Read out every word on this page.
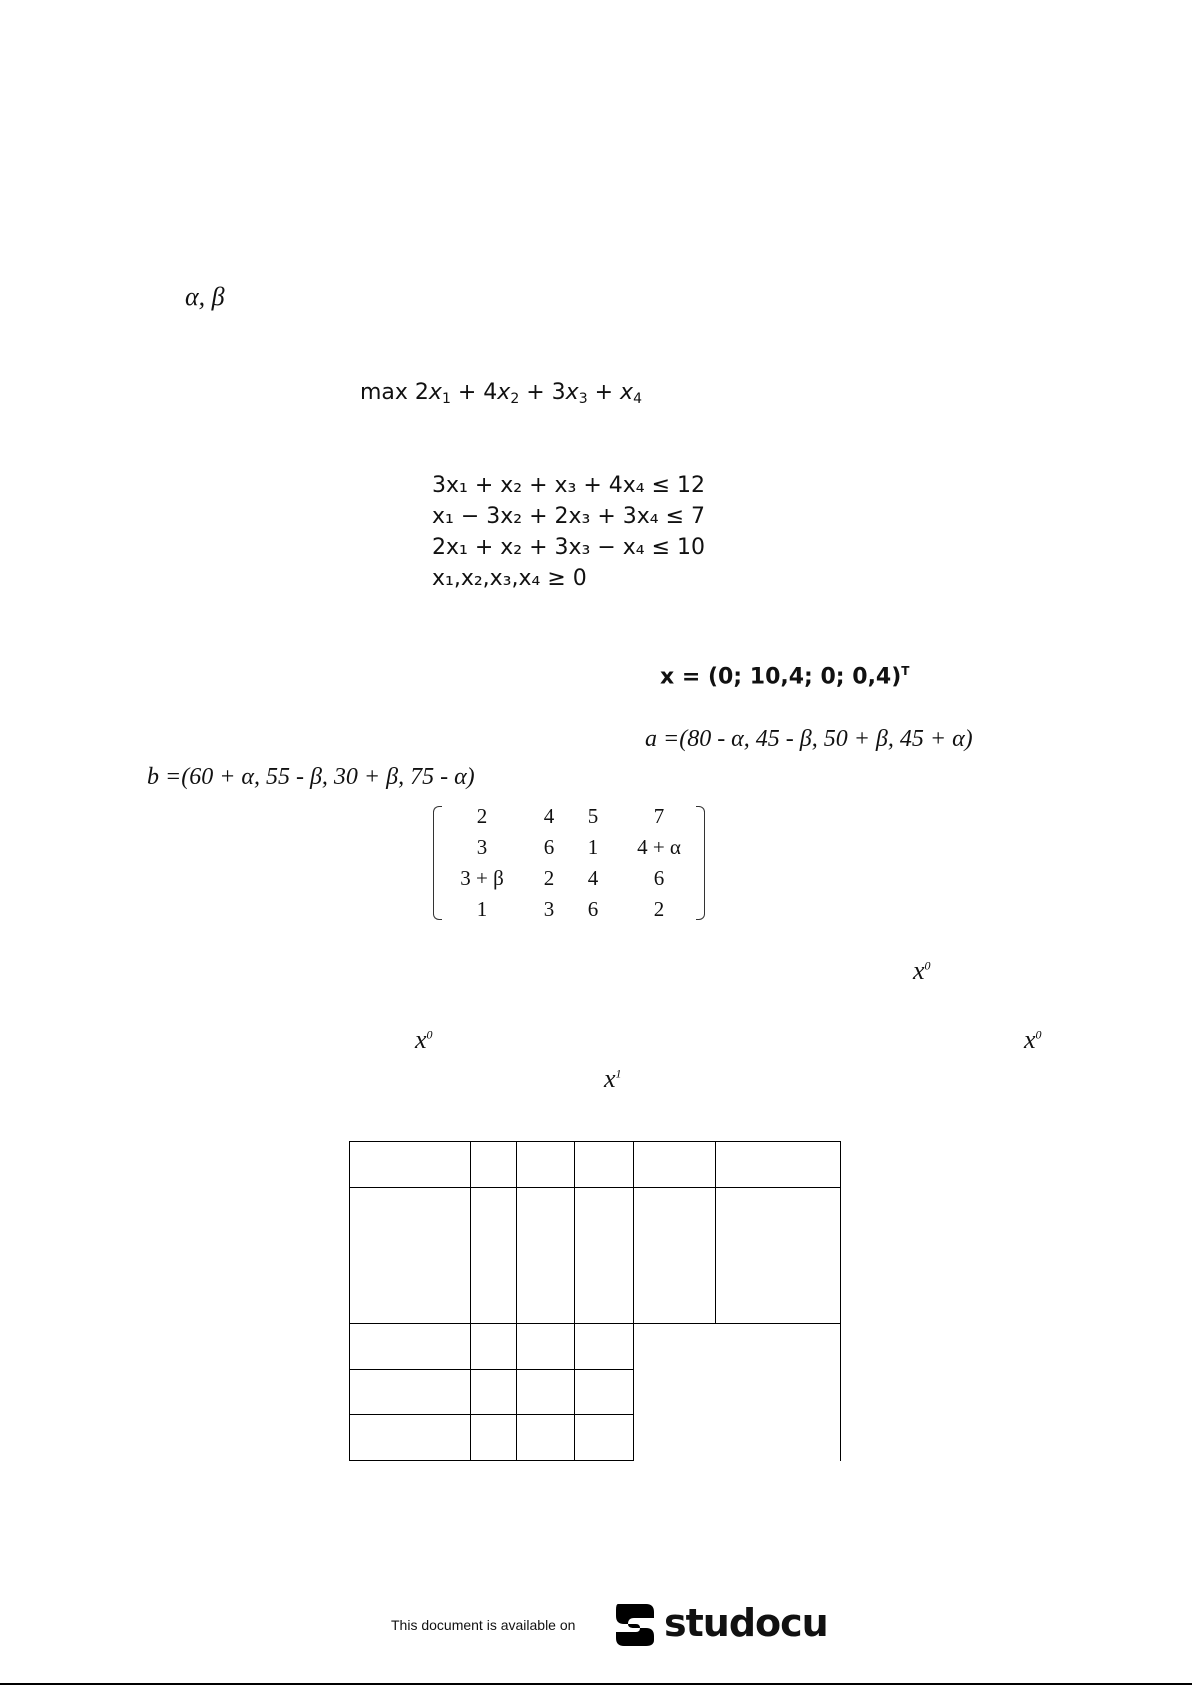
α, β
$\max 2x_1 + 4x_2 + 3x_3 + x_4$
3x₁ + x₂ + x₃ + 4x₄ ≤ 12
x₁ − 3x₂ + 2x₃ + 3x₄ ≤ 7
2x₁ + x₂ + 3x₃ − x₄ ≤ 10
x₁,x₂,x₃,x₄ ≥ 0
x = (0; 10,4; 0; 0,4)$^T$
a =(80 - α, 45 - β, 50 + β, 45 + α)
b =(60 + α, 55 - β, 30 + β, 75 - α)
2	4	5	7
3	6	1	4 + α
3 + β	2	4	6
1	3	6	2
$x^0$
$x^0$	$x^0$
$x^1$
This document is available on studocu
